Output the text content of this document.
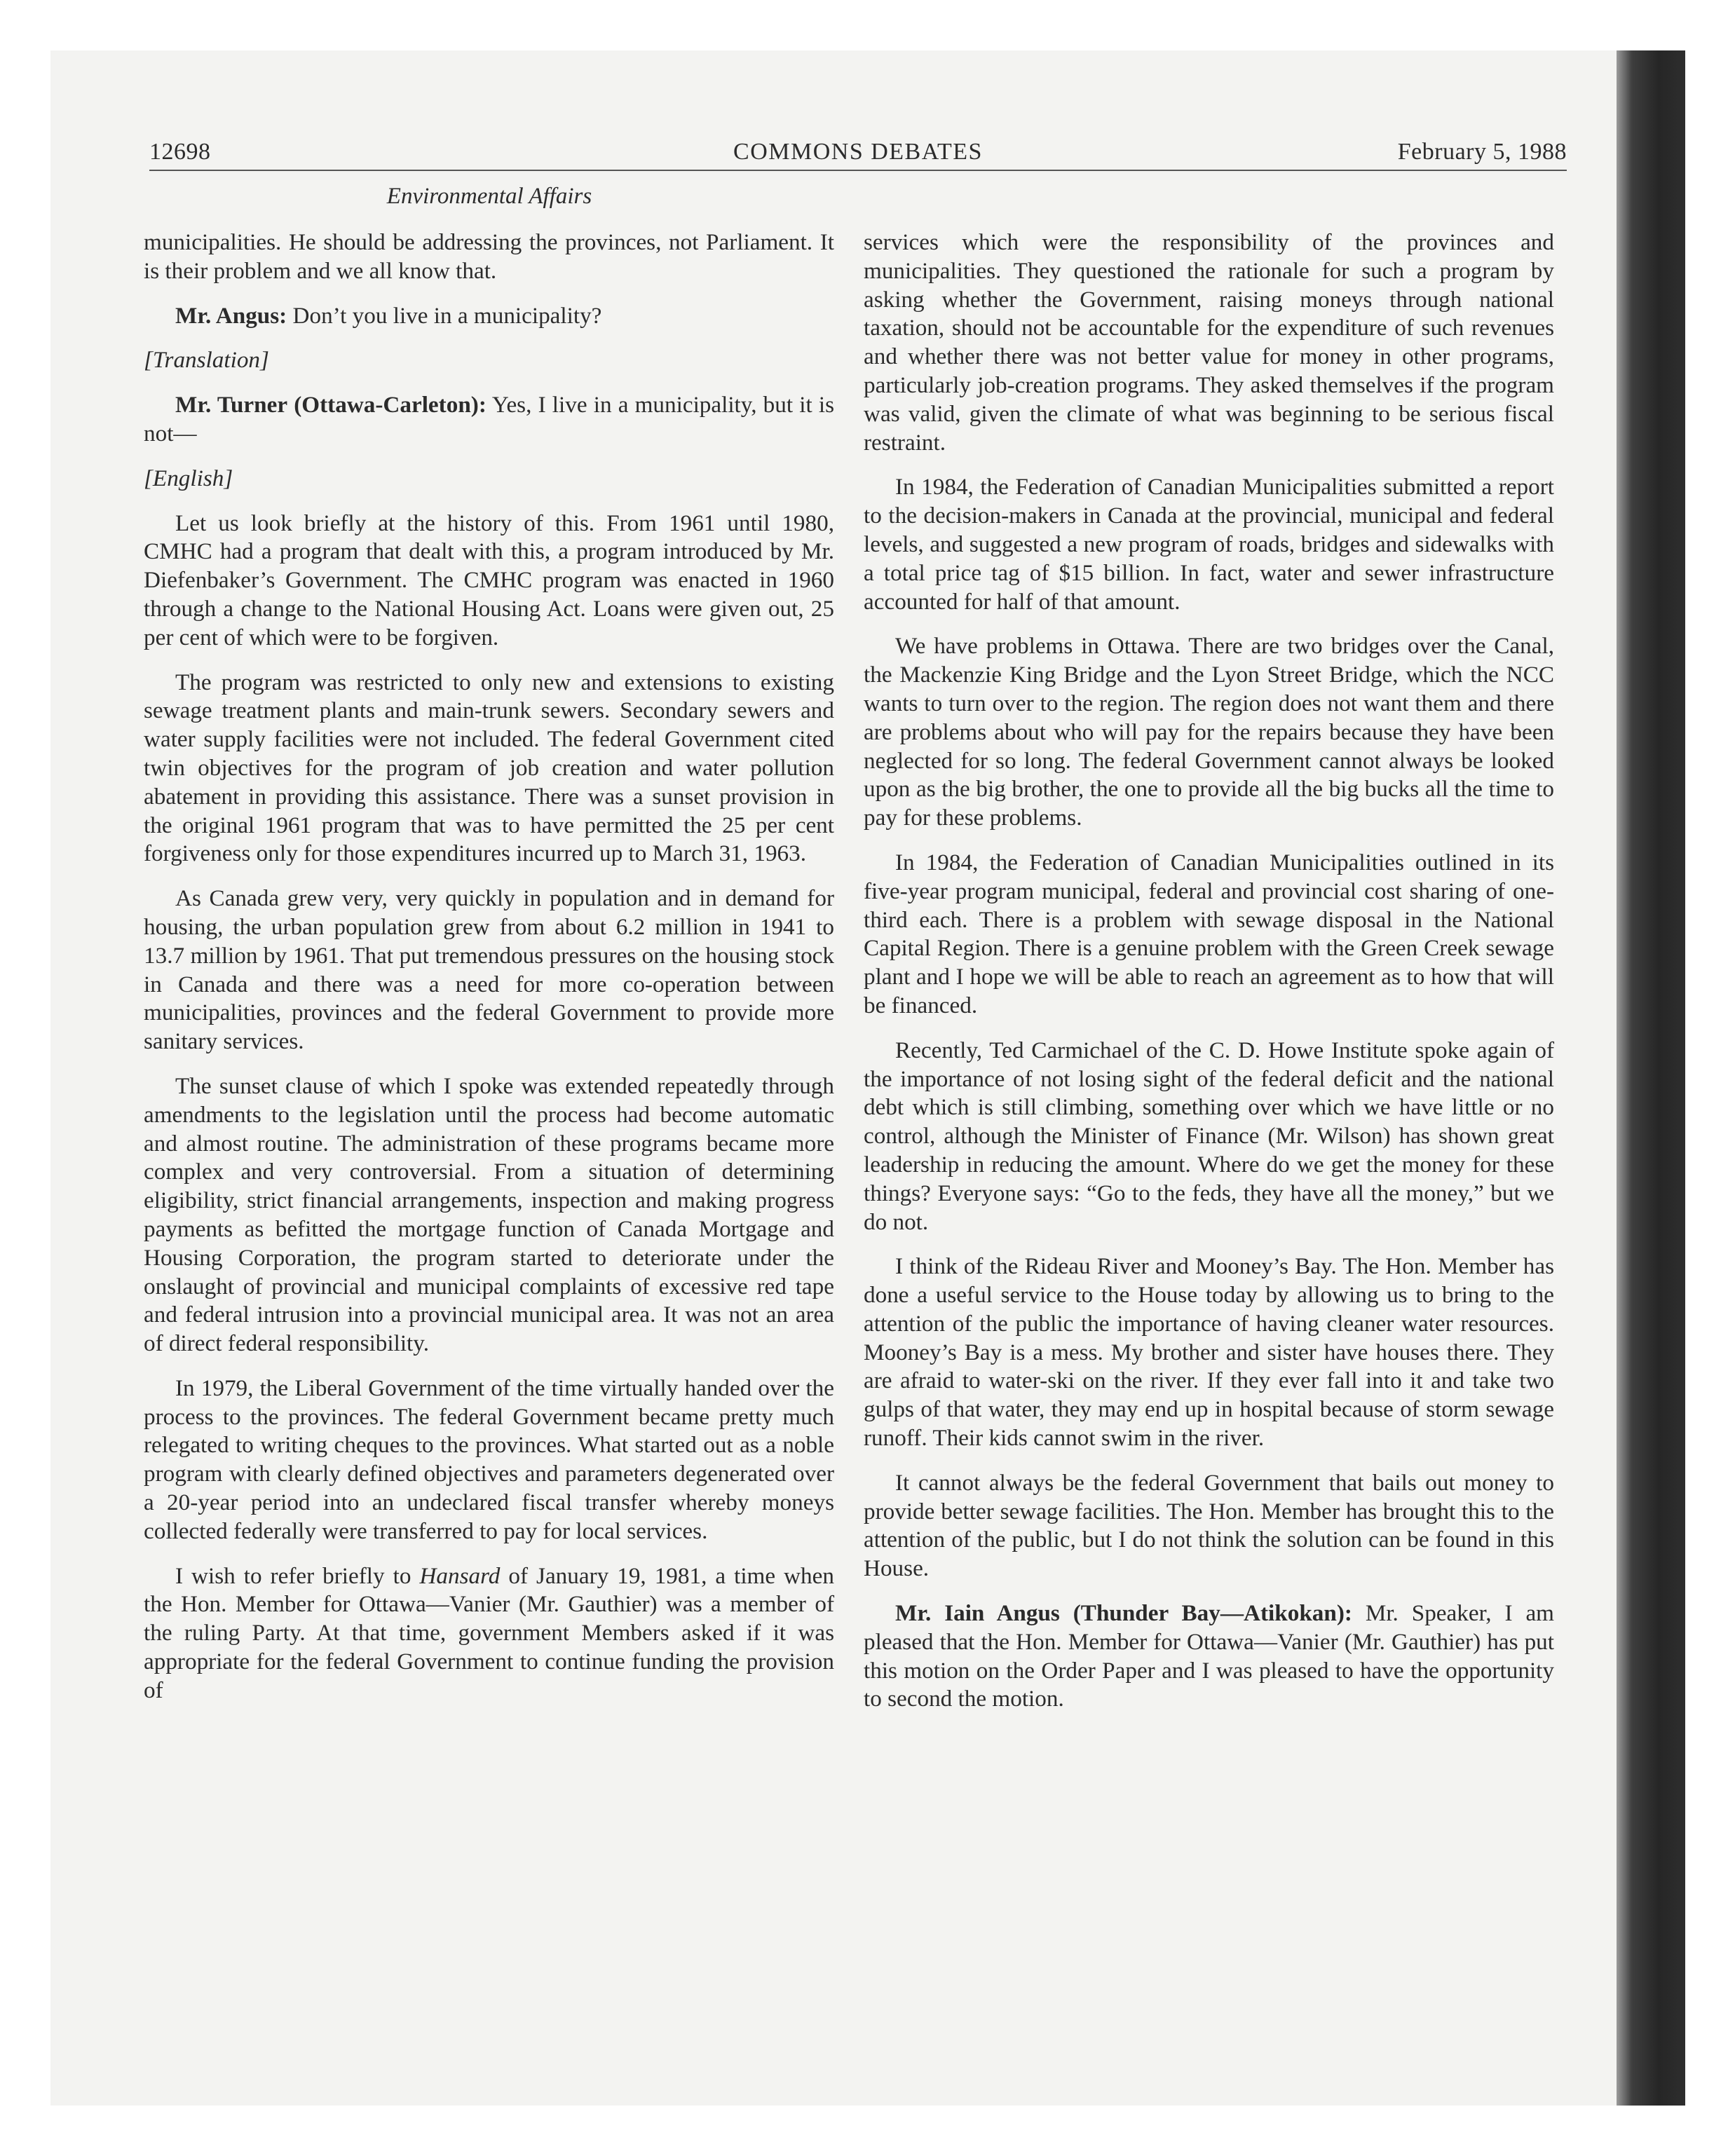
12698	COMMONS DEBATES	February 5, 1988
Environmental Affairs

municipalities. He should be addressing the provinces, not Parliament. It is their problem and we all know that.

Mr. Angus: Don’t you live in a municipality?

[Translation]

Mr. Turner (Ottawa-Carleton): Yes, I live in a municipality, but it is not—

[English]

Let us look briefly at the history of this. From 1961 until 1980, CMHC had a program that dealt with this, a program introduced by Mr. Diefenbaker’s Government. The CMHC program was enacted in 1960 through a change to the National Housing Act. Loans were given out, 25 per cent of which were to be forgiven.

The program was restricted to only new and extensions to existing sewage treatment plants and main-trunk sewers. Secondary sewers and water supply facilities were not included. The federal Government cited twin objectives for the program of job creation and water pollution abatement in providing this assistance. There was a sunset provision in the original 1961 program that was to have permitted the 25 per cent forgiveness only for those expenditures incurred up to March 31, 1963.

As Canada grew very, very quickly in population and in demand for housing, the urban population grew from about 6.2 million in 1941 to 13.7 million by 1961. That put tremendous pressures on the housing stock in Canada and there was a need for more co-operation between municipalities, provinces and the federal Government to provide more sanitary services.

The sunset clause of which I spoke was extended repeatedly through amendments to the legislation until the process had become automatic and almost routine. The administration of these programs became more complex and very controversial. From a situation of determining eligibility, strict financial arrangements, inspection and making progress payments as befitted the mortgage function of Canada Mortgage and Housing Corporation, the program started to deteriorate under the onslaught of provincial and municipal complaints of excessive red tape and federal intrusion into a provincial municipal area. It was not an area of direct federal responsibility.

In 1979, the Liberal Government of the time virtually handed over the process to the provinces. The federal Government became pretty much relegated to writing cheques to the provinces. What started out as a noble program with clearly defined objectives and parameters degenerated over a 20-year period into an undeclared fiscal transfer whereby moneys collected federally were transferred to pay for local services.

I wish to refer briefly to Hansard of January 19, 1981, a time when the Hon. Member for Ottawa—Vanier (Mr. Gauthier) was a member of the ruling Party. At that time, government Members asked if it was appropriate for the federal Government to continue funding the provision of

services which were the responsibility of the provinces and municipalities. They questioned the rationale for such a program by asking whether the Government, raising moneys through national taxation, should not be accountable for the expenditure of such revenues and whether there was not better value for money in other programs, particularly job-creation programs. They asked themselves if the program was valid, given the climate of what was beginning to be serious fiscal restraint.

In 1984, the Federation of Canadian Municipalities submitted a report to the decision-makers in Canada at the provincial, municipal and federal levels, and suggested a new program of roads, bridges and sidewalks with a total price tag of $15 billion. In fact, water and sewer infrastructure accounted for half of that amount.

We have problems in Ottawa. There are two bridges over the Canal, the Mackenzie King Bridge and the Lyon Street Bridge, which the NCC wants to turn over to the region. The region does not want them and there are problems about who will pay for the repairs because they have been neglected for so long. The federal Government cannot always be looked upon as the big brother, the one to provide all the big bucks all the time to pay for these problems.

In 1984, the Federation of Canadian Municipalities outlined in its five-year program municipal, federal and provincial cost sharing of one-third each. There is a problem with sewage disposal in the National Capital Region. There is a genuine problem with the Green Creek sewage plant and I hope we will be able to reach an agreement as to how that will be financed.

Recently, Ted Carmichael of the C. D. Howe Institute spoke again of the importance of not losing sight of the federal deficit and the national debt which is still climbing, something over which we have little or no control, although the Minister of Finance (Mr. Wilson) has shown great leadership in reducing the amount. Where do we get the money for these things? Everyone says: “Go to the feds, they have all the money,” but we do not.

I think of the Rideau River and Mooney’s Bay. The Hon. Member has done a useful service to the House today by allowing us to bring to the attention of the public the importance of having cleaner water resources. Mooney’s Bay is a mess. My brother and sister have houses there. They are afraid to water-ski on the river. If they ever fall into it and take two gulps of that water, they may end up in hospital because of storm sewage runoff. Their kids cannot swim in the river.

It cannot always be the federal Government that bails out money to provide better sewage facilities. The Hon. Member has brought this to the attention of the public, but I do not think the solution can be found in this House.

Mr. Iain Angus (Thunder Bay—Atikokan): Mr. Speaker, I am pleased that the Hon. Member for Ottawa—Vanier (Mr. Gauthier) has put this motion on the Order Paper and I was pleased to have the opportunity to second the motion.
